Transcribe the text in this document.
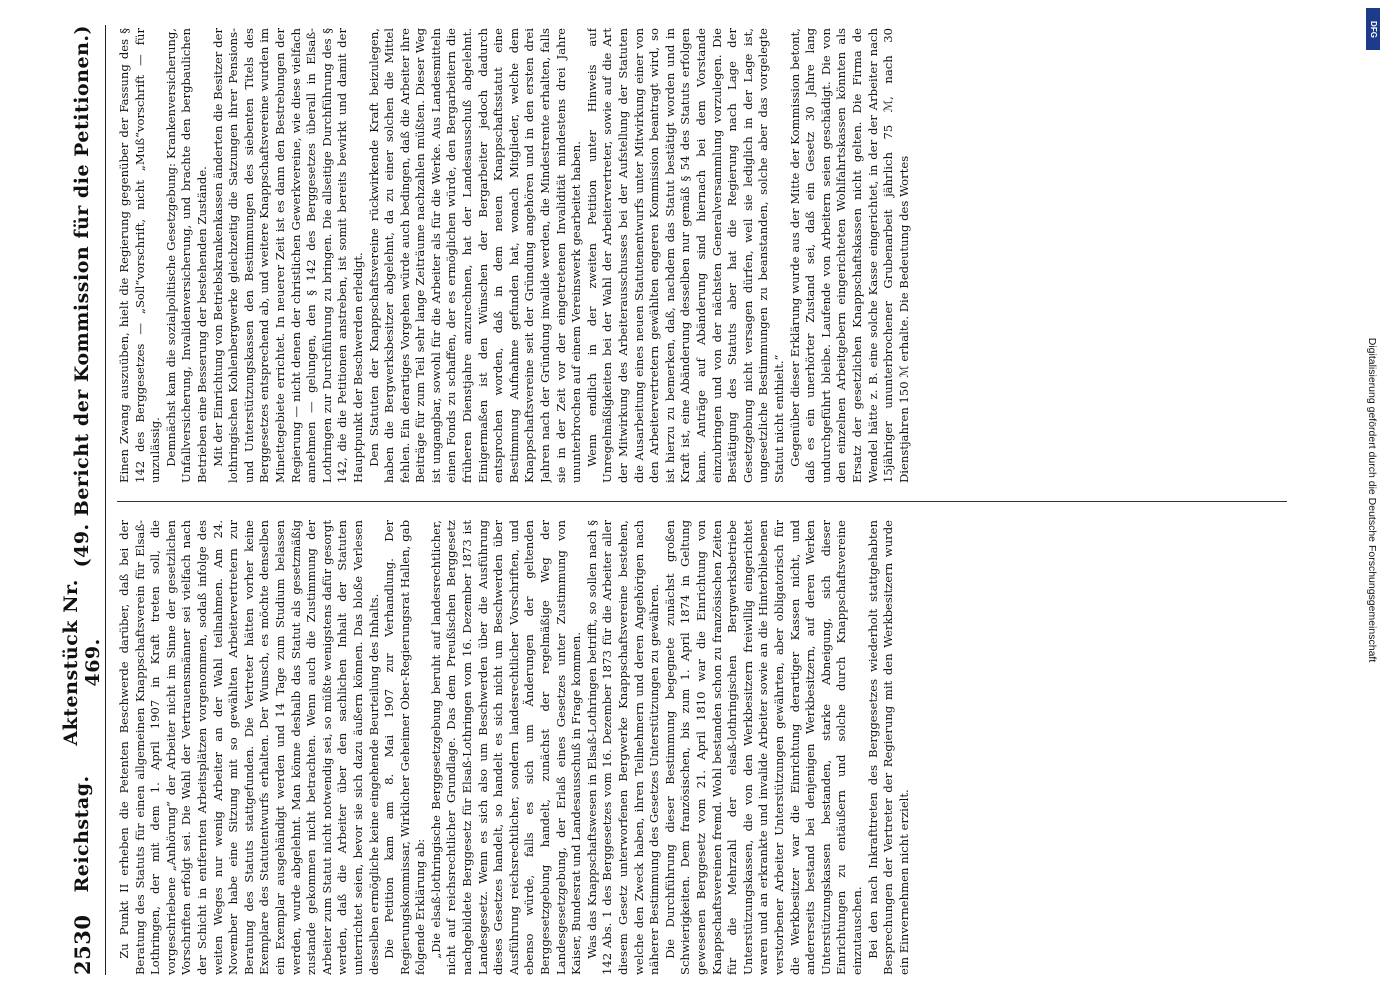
2530
Reichstag.
Aktenstück Nr. 469.
(49. Bericht der Kommission für die Petitionen.)

Zu Punkt II erheben die Petenten Beschwerde darüber, daß bei der Beratung des Statuts für einen allgemeinen Knappschaftsverein für Elsaß-Lothringen, der mit dem 1. April 1907 in Kraft treten soll, die vorgeschriebene „Anhörung“ der Arbeiter nicht im Sinne der gesetzlichen Vorschriften erfolgt sei. Die Wahl der Vertrauensmänner sei vielfach nach der Schicht in entfernten Arbeitsplätzen vorgenommen, sodaß infolge des weiten Weges nur wenig Arbeiter an der Wahl teilnahmen. Am 24. November habe eine Sitzung mit so gewählten Arbeitervertretern zur Beratung des Statuts stattgefunden. Die Vertreter hätten vorher keine Exemplare des Statutentwurfs erhalten. Der Wunsch, es möchte denselben ein Exemplar ausgehändigt werden und 14 Tage zum Studium belassen werden, wurde abgelehnt. Man könne deshalb das Statut als gesetzmäßig zustande gekommen nicht betrachten. Wenn auch die Zustimmung der Arbeiter zum Statut nicht notwendig sei, so müßte wenigstens dafür gesorgt werden, daß die Arbeiter über den sachlichen Inhalt der Statuten unterrichtet seien, bevor sie sich dazu äußern können. Das bloße Verlesen desselben ermögliche keine eingehende Beurteilung des Inhalts. Die Petition kam am 8. Mai 1907 zur Verhandlung. Der Regierungskommissar, Wirklicher Geheimer Ober-Regierungsrat Hallen, gab folgende Erklärung ab: „Die elsaß-lothringische Berggesetzgebung beruht auf landesrechtlicher, nicht auf reichsrechtlicher Grundlage. Das dem Preußischen Berggesetz nachgebildete Berggesetz für Elsaß-Lothringen vom 16. Dezember 1873 ist Landesgesetz. Wenn es sich also um Beschwerden über die Ausführung dieses Gesetzes handelt, so handelt es sich nicht um Beschwerden über Ausführung reichsrechtlicher, sondern landesrechtlicher Vorschriften, und ebenso würde, falls es sich um Änderungen der geltenden Berggesetzgebung handelt, zunächst der regelmäßige Weg der Landesgesetzgebung, der Erlaß eines Gesetzes unter Zustimmung von Kaiser, Bundesrat und Landesausschuß in Frage kommen. Was das Knappschaftswesen in Elsaß-Lothringen betrifft, so sollen nach § 142 Abs. 1 des Berggesetzes vom 16. Dezember 1873 für die Arbeiter aller diesem Gesetz unterworfenen Bergwerke Knappschaftsvereine bestehen, welche den Zweck haben, ihren Teilnehmern und deren Angehörigen nach näherer Bestimmung des Gesetzes Unterstützungen zu gewähren. Die Durchführung dieser Bestimmung begegnete zunächst großen Schwierigkeiten. Dem französischen, bis zum 1. April 1874 in Geltung gewesenen Berggesetz vom 21. April 1810 war die Einrichtung von Knappschaftsvereinen fremd. Wohl bestanden schon zu französischen Zeiten für die Mehrzahl der elsaß-lothringischen Bergwerksbetriebe Unterstützungskassen, die von den Werkbesitzern freiwillig eingerichtet waren und an erkrankte und invalide Arbeiter sowie an die Hinterbliebenen verstorbener Arbeiter Unterstützungen gewährten, aber obligatorisch für die Werkbesitzer war die Einrichtung derartiger Kassen nicht, und andererseits bestand bei denjenigen Werkbesitzern, auf deren Werken Unterstützungskassen bestanden, starke Abneigung, sich dieser Einrichtungen zu entäußern und solche durch Knappschaftsvereine einzutauschen. Bei den nach Inkrafttreten des Berggesetzes wiederholt stattgehabten Besprechungen der Vertreter der Regierung mit den Werkbesitzern wurde ein Einvernehmen nicht erzielt.

Einen Zwang auszuüben, hielt die Regierung gegenüber der Fassung des § 142 des Berggesetzes — „Soll“vorschrift, nicht „Muß“vorschrift — für unzulässig. Demnächst kam die sozialpolitische Gesetzgebung: Krankenversicherung, Unfallversicherung, Invalidenversicherung, und brachte den bergbaulichen Betrieben eine Besserung der bestehenden Zustände. Mit der Einrichtung von Betriebskrankenkassen änderten die Besitzer der lothringischen Kohlenbergwerke gleichzeitig die Satzungen ihrer Pensions- und Unterstützungskassen den Bestimmungen des siebenten Titels des Berggesetzes entsprechend ab, und weitere Knappschaftsvereine wurden im Minettegebiete errichtet. In neuerer Zeit ist es dann den Bestrebungen der Regierung — nicht denen der christlichen Gewerkvereine, wie diese vielfach annehmen — gelungen, den § 142 des Berggesetzes überall in Elsaß-Lothringen zur Durchführung zu bringen. Die allseitige Durchführung des § 142, die die Petitionen anstreben, ist somit bereits bewirkt und damit der Hauptpunkt der Beschwerden erledigt. Den Statuten der Knappschaftsvereine rückwirkende Kraft beizulegen, haben die Bergwerksbesitzer abgelehnt, da zu einer solchen die Mittel fehlen. Ein derartiges Vorgehen würde auch bedingen, daß die Arbeiter ihre Beiträge für zum Teil sehr lange Zeiträume nachzahlen müßten. Dieser Weg ist ungangbar, sowohl für die Arbeiter als für die Werke. Aus Landesmitteln einen Fonds zu schaffen, der es ermöglichen würde, den Bergarbeitern die früheren Dienstjahre anzurechnen, hat der Landesausschuß abgelehnt. Einigermaßen ist den Wünschen der Bergarbeiter jedoch dadurch entsprochen worden, daß in dem neuen Knappschaftsstatut eine Bestimmung Aufnahme gefunden hat, wonach Mitglieder, welche dem Knappschaftsvereine seit der Gründung angehören und in den ersten drei Jahren nach der Gründung invalide werden, die Mindestrente erhalten, falls sie in der Zeit vor der eingetretenen Invalidität mindestens drei Jahre ununterbrochen auf einem Vereinswerk gearbeitet haben. Wenn endlich in der zweiten Petition unter Hinweis auf Unregelmäßigkeiten bei der Wahl der Arbeitervertreter, sowie auf die Art der Mitwirkung des Arbeiterausschusses bei der Aufstellung der Statuten die Ausarbeitung eines neuen Statutenentwurfs unter Mitwirkung einer von den Arbeitervertretern gewählten engeren Kommission beantragt wird, so ist hierzu zu bemerken, daß, nachdem das Statut bestätigt worden und in Kraft ist, eine Abänderung desselben nur gemäß § 54 des Statuts erfolgen kann. Anträge auf Abänderung sind hiernach bei dem Vorstande einzubringen und von der nächsten Generalversammlung vorzulegen. Die Bestätigung des Statuts aber hat die Regierung nach Lage der Gesetzgebung nicht versagen dürfen, weil sie lediglich in der Lage ist, ungesetzliche Bestimmungen zu beanstanden, solche aber das vorgelegte Statut nicht enthielt.“ Gegenüber dieser Erklärung wurde aus der Mitte der Kommission betont, daß es ein unerhörter Zustand sei, daß ein Gesetz 30 Jahre lang undurchgeführt bleibe. Laufende von Arbeitern seien geschädigt. Die von den einzelnen Arbeitgebern eingerichteten Wohlfahrtskassen könnten als Ersatz der gesetzlichen Knappschaftskassen nicht gelten. Die Firma de Wendel hätte z. B. eine solche Kasse eingerichtet, in der der Arbeiter nach 15jähriger ununterbrochener Grubenarbeit jährlich 75 ℳ, nach 30 Dienstjahren 150 ℳ erhalte. Die Bedeutung des Wortes

DFG
Digitalisierung gefördert durch die Deutsche Forschungsgemeinschaft
